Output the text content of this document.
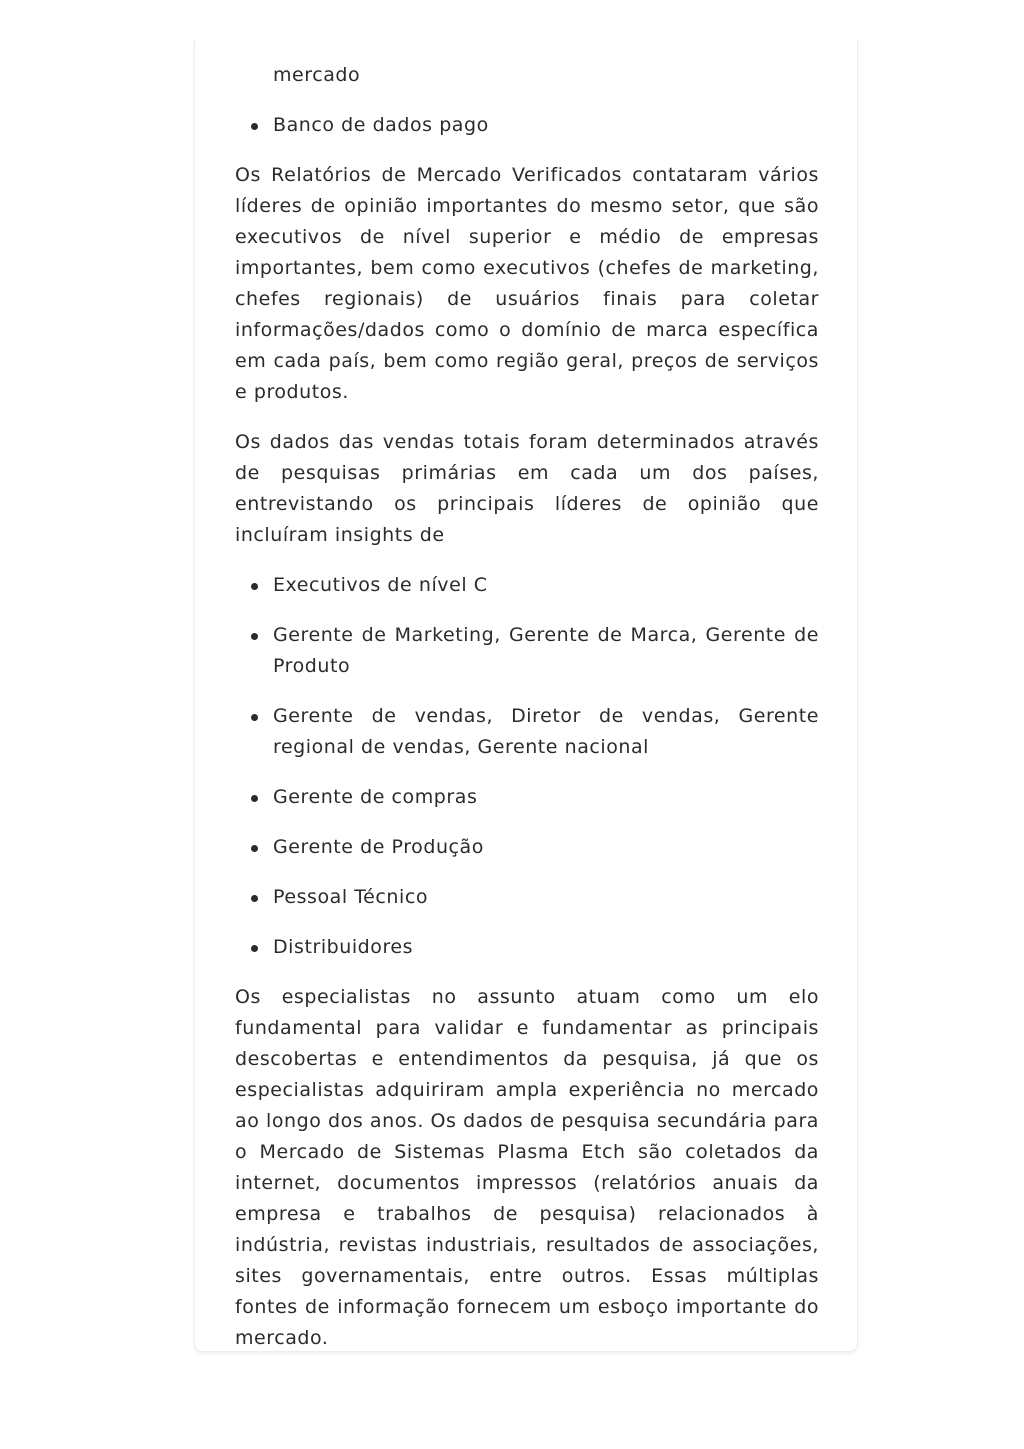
mercado
Banco de dados pago

Os Relatórios de Mercado Verificados contataram vários líderes de opinião importantes do mesmo setor, que são executivos de nível superior e médio de empresas importantes, bem como executivos (chefes de marketing, chefes regionais) de usuários finais para coletar informações/dados como o domínio de marca específica em cada país, bem como região geral, preços de serviços e produtos.

Os dados das vendas totais foram determinados através de pesquisas primárias em cada um dos países, entrevistando os principais líderes de opinião que incluíram insights de

Executivos de nível C
Gerente de Marketing, Gerente de Marca, Gerente de Produto
Gerente de vendas, Diretor de vendas, Gerente regional de vendas, Gerente nacional
Gerente de compras
Gerente de Produção
Pessoal Técnico
Distribuidores

Os especialistas no assunto atuam como um elo fundamental para validar e fundamentar as principais descobertas e entendimentos da pesquisa, já que os especialistas adquiriram ampla experiência no mercado ao longo dos anos. Os dados de pesquisa secundária para o Mercado de Sistemas Plasma Etch são coletados da internet, documentos impressos (relatórios anuais da empresa e trabalhos de pesquisa) relacionados à indústria, revistas industriais, resultados de associações, sites governamentais, entre outros. Essas múltiplas fontes de informação fornecem um esboço importante do mercado.
